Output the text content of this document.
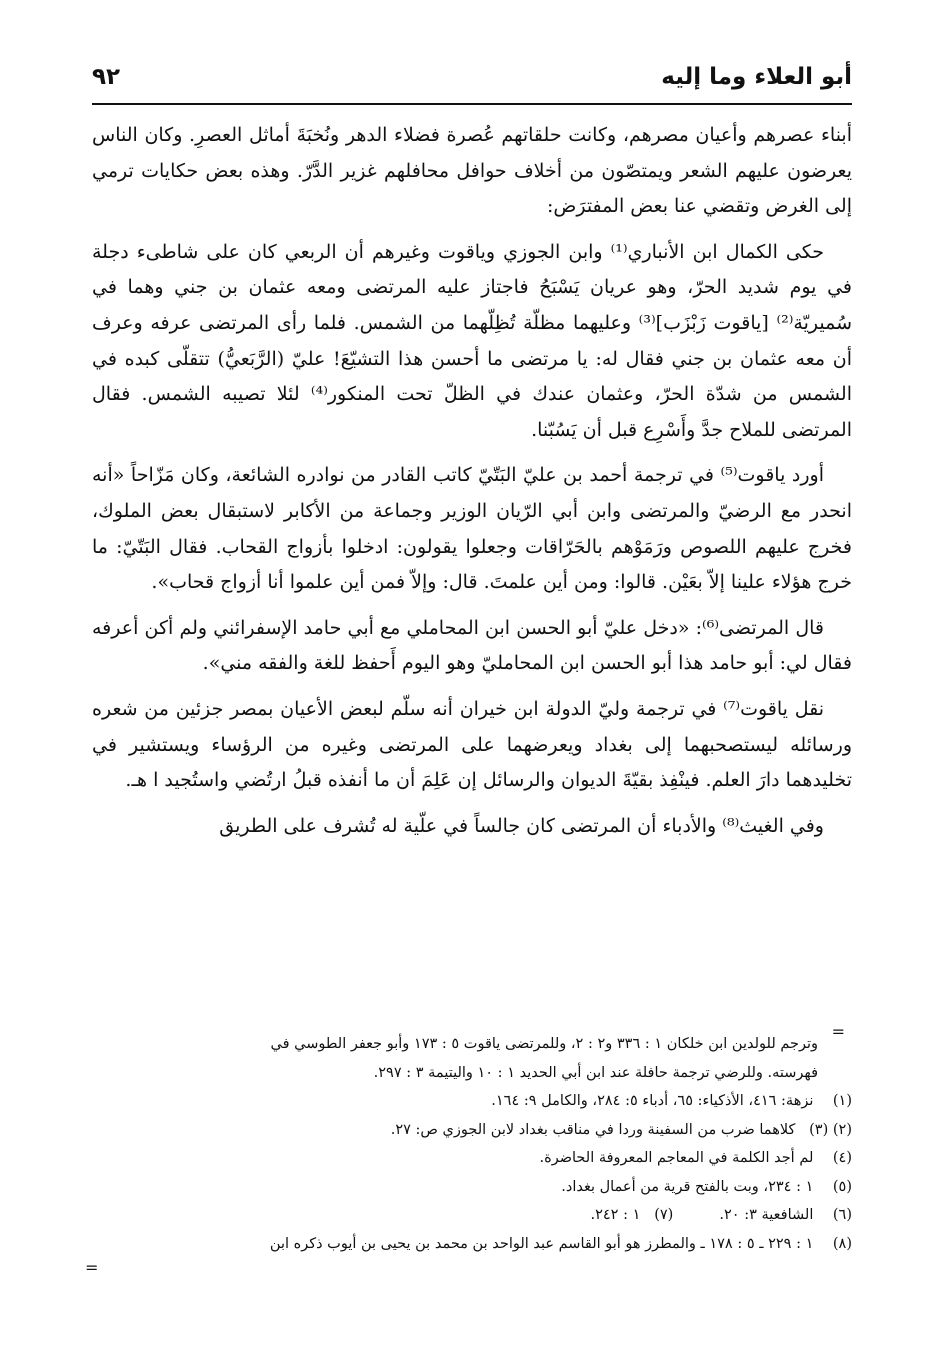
أبو العلاء وما إليه
٩٢

أبناء عصرهم وأعيان مصرهم، وكانت حلقاتهم عُصرة فضلاء الدهر ونُخبَةَ أماثل العصرِ. وكان الناس يعرضون عليهم الشعر ويمتصّون من أخلاف حوافل محافلهم غزير الدَّرّ. وهذه بعض حكايات ترمي إلى الغرض وتقضي عنا بعض المفترَض:

حكى الكمال ابن الأنباري⁽¹⁾ وابن الجوزي وياقوت وغيرهم أن الربعي كان على شاطىء دجلة في يوم شديد الحرّ، وهو عريان يَسْبَحُ فاجتاز عليه المرتضى ومعه عثمان بن جني وهما في سُميريّة⁽²⁾ [ياقوت زَبْزَب]⁽³⁾ وعليهما مظلّة تُظِلّهما من الشمس. فلما رأى المرتضى عرفه وعرف أن معه عثمان بن جني فقال له: يا مرتضى ما أحسن هذا التشيّعَ! عليّ (الرَّبَعيُّ) تتقلّى كبده في الشمس من شدّة الحرّ، وعثمان عندك في الظلّ تحت المنكور⁽⁴⁾ لئلا تصيبه الشمس. فقال المرتضى للملاح جدَّ وأَسْرِع قبل أن يَسُبّنا.

أورد ياقوت⁽⁵⁾ في ترجمة أحمد بن عليّ البَتّيّ كاتب القادر من نوادره الشائعة، وكان مَزّاحاً «أنه انحدر مع الرضيّ والمرتضى وابن أبي الرّيان الوزير وجماعة من الأكابر لاستبقال بعض الملوك، فخرج عليهم اللصوص ورَمَوْهم بالحَرّاقات وجعلوا يقولون: ادخلوا بأزواج القحاب. فقال البَتّيّ: ما خرج هؤلاء علينا إلاّ بعَيْن. قالوا: ومن أين علمتَ. قال: وإلاّ فمن أين علموا أنا أزواج قحاب».

قال المرتضى⁽⁶⁾: «دخل عليّ أبو الحسن ابن المحاملي مع أبي حامد الإسفرائني ولم أكن أعرفه فقال لي: أبو حامد هذا أبو الحسن ابن المحامليّ وهو اليوم أَحفظ للغة والفقه مني».

نقل ياقوت⁽⁷⁾ في ترجمة وليّ الدولة ابن خيران أنه سلّم لبعض الأعيان بمصر جزئين من شعره ورسائله ليستصحبهما إلى بغداد ويعرضهما على المرتضى وغيره من الرؤساء ويستشير في تخليدهما دارَ العلم. فينْفِذ بقيّةَ الديوان والرسائل إن عَلِمَ أن ما أنفذه قبلُ ارتُضي واستُجيد ا هـ.

وفي الغيث⁽⁸⁾ والأدباء أن المرتضى كان جالساً في علّية له تُشرف على الطريق

=

وترجم للولدين ابن خلكان ١ : ٣٣٦ و٢ : ٢، وللمرتضى ياقوت ٥ : ١٧٣ وأبو جعفر الطوسي في

فهرسته. وللرضي ترجمة حافلة عند ابن أبي الحديد ١ : ١٠ واليتيمة ٣ : ٢٩٧.

(١) نزهة: ٤١٦، الأذكياء: ٦٥، أدباء ٥: ٢٨٤، والكامل ٩: ١٦٤.

(٢) (٣) كلاهما ضرب من السفينة وردا في مناقب بغداد لابن الجوزي ص: ٢٧.

(٤) لم أجد الكلمة في المعاجم المعروفة الحاضرة.

(٥) ١ : ٢٣٤، وبت بالفتح قرية من أعمال بغداد.

(٦) الشافعية ٣: ٢٠.          (٧)   ١ : ٢٤٢.

(٨) ١ : ٢٢٩ ـ ٥ : ١٧٨ ـ والمطرز هو أبو القاسم عبد الواحد بن محمد بن يحيى بن أيوب ذكره ابن

=
